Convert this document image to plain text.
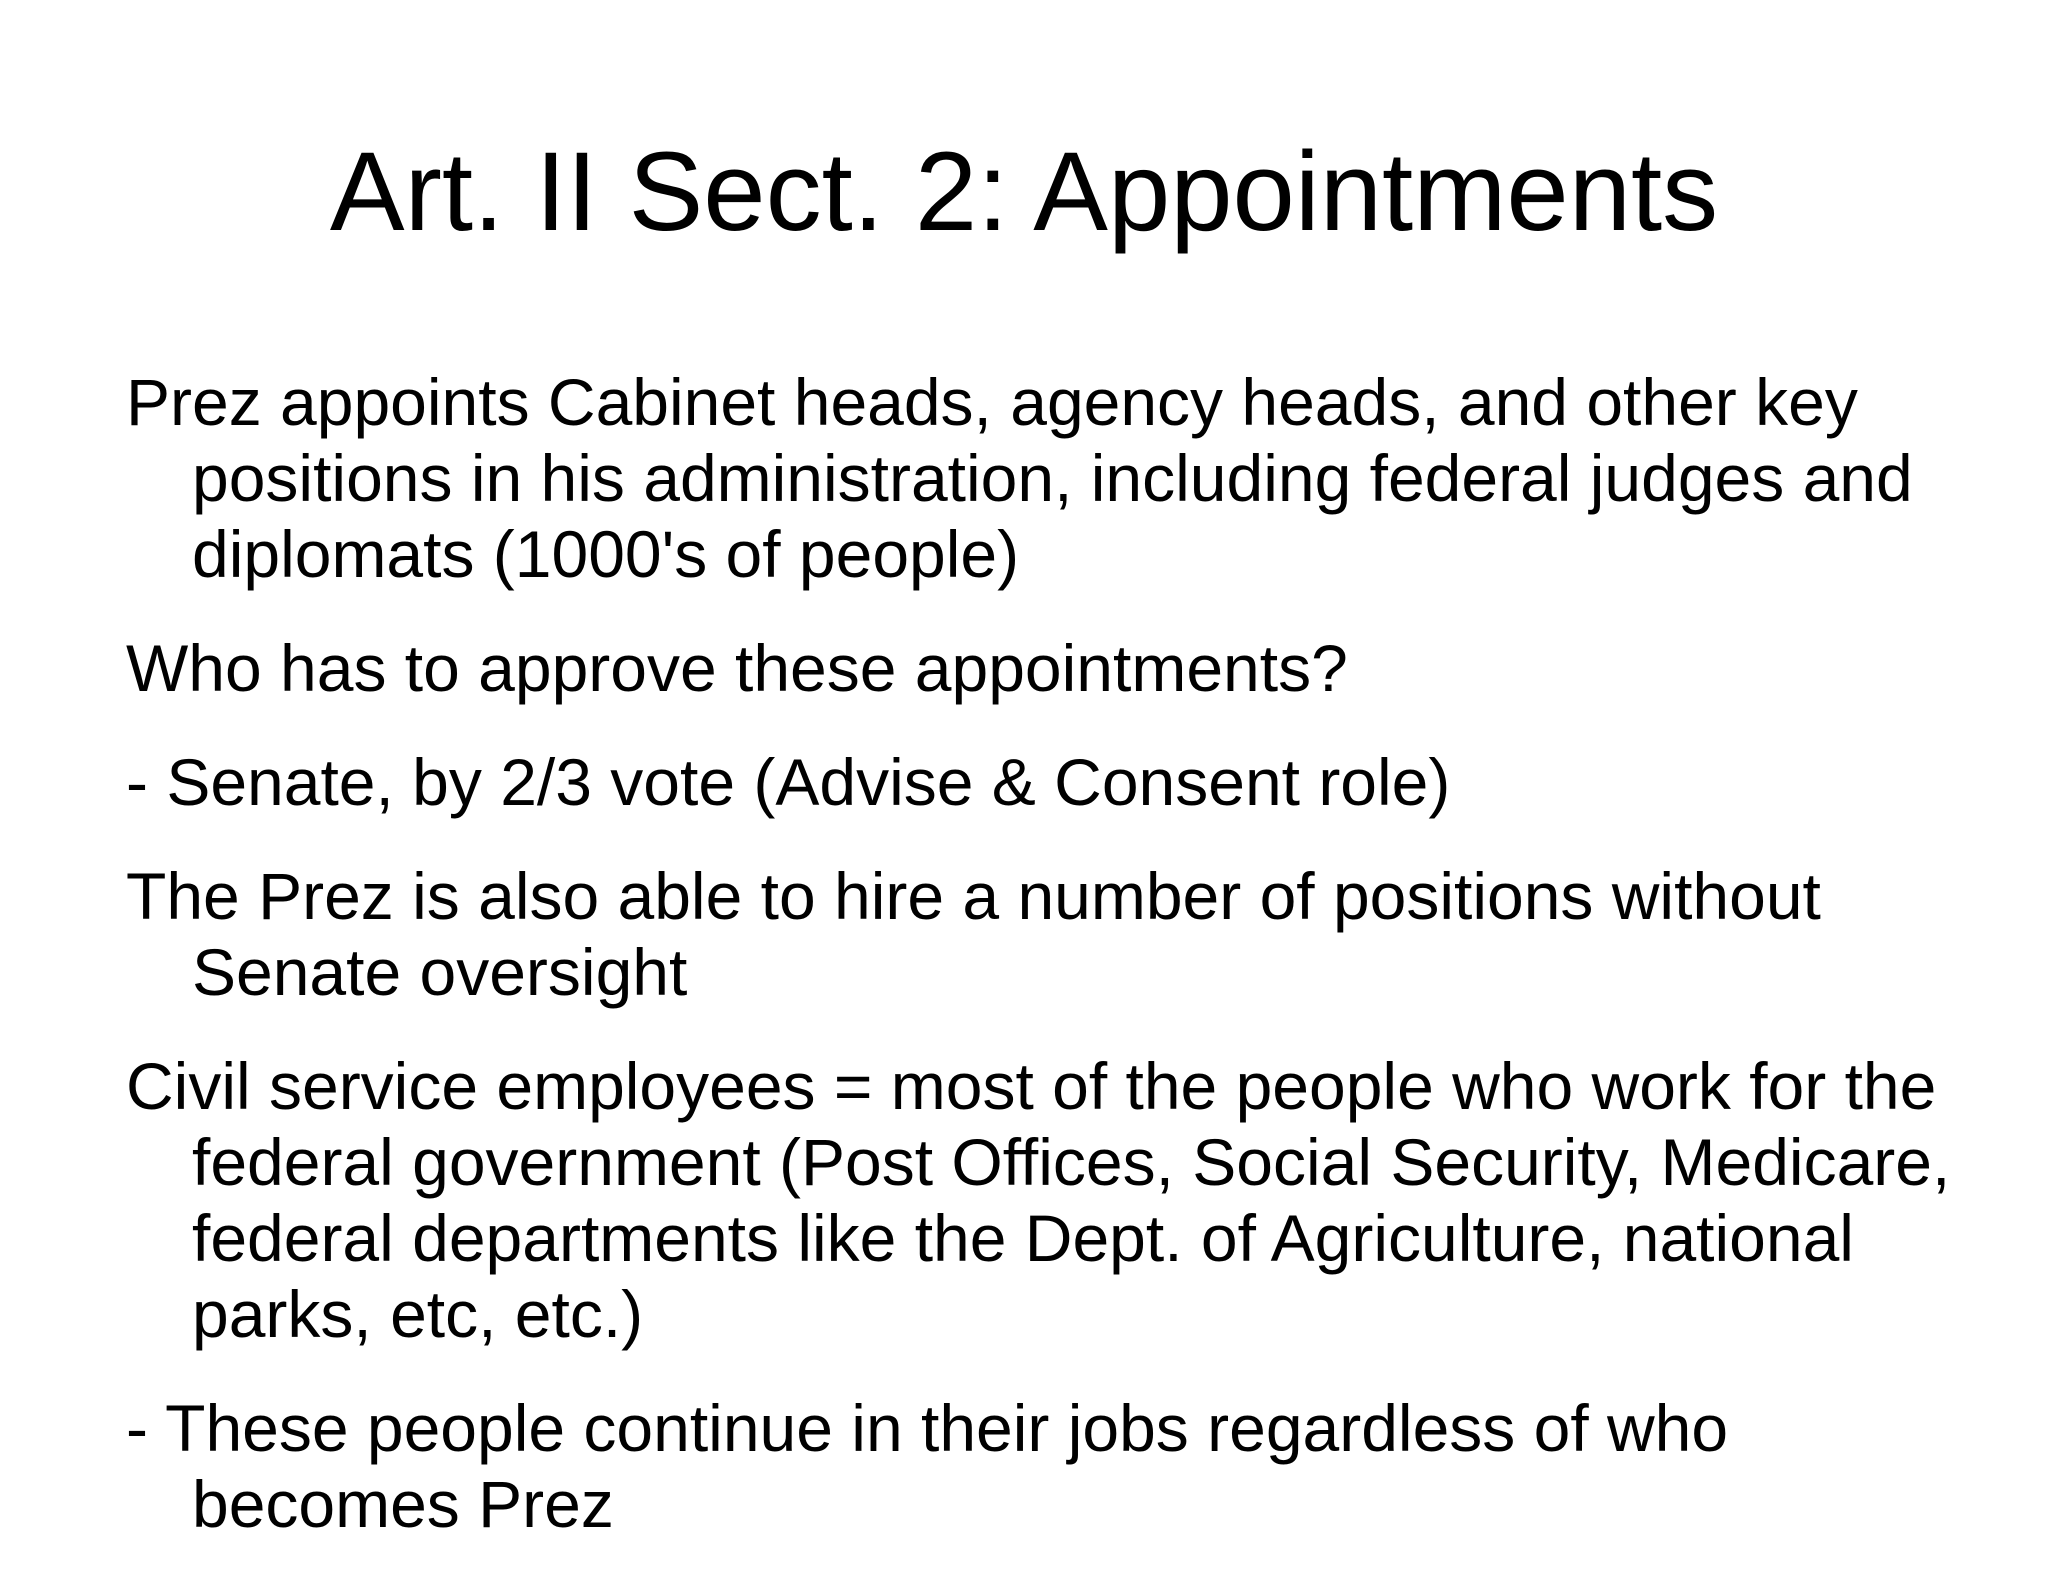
Art. II Sect. 2: Appointments

Prez appoints Cabinet heads, agency heads, and other key positions in his administration, including federal judges and diplomats (1000's of people)

Who has to approve these appointments?

- Senate, by 2/3 vote (Advise & Consent role)

The Prez is also able to hire a number of positions without Senate oversight

Civil service employees = most of the people who work for the federal government (Post Offices, Social Security, Medicare, federal departments like the Dept. of Agriculture, national parks, etc, etc.)

- These people continue in their jobs regardless of who becomes Prez
